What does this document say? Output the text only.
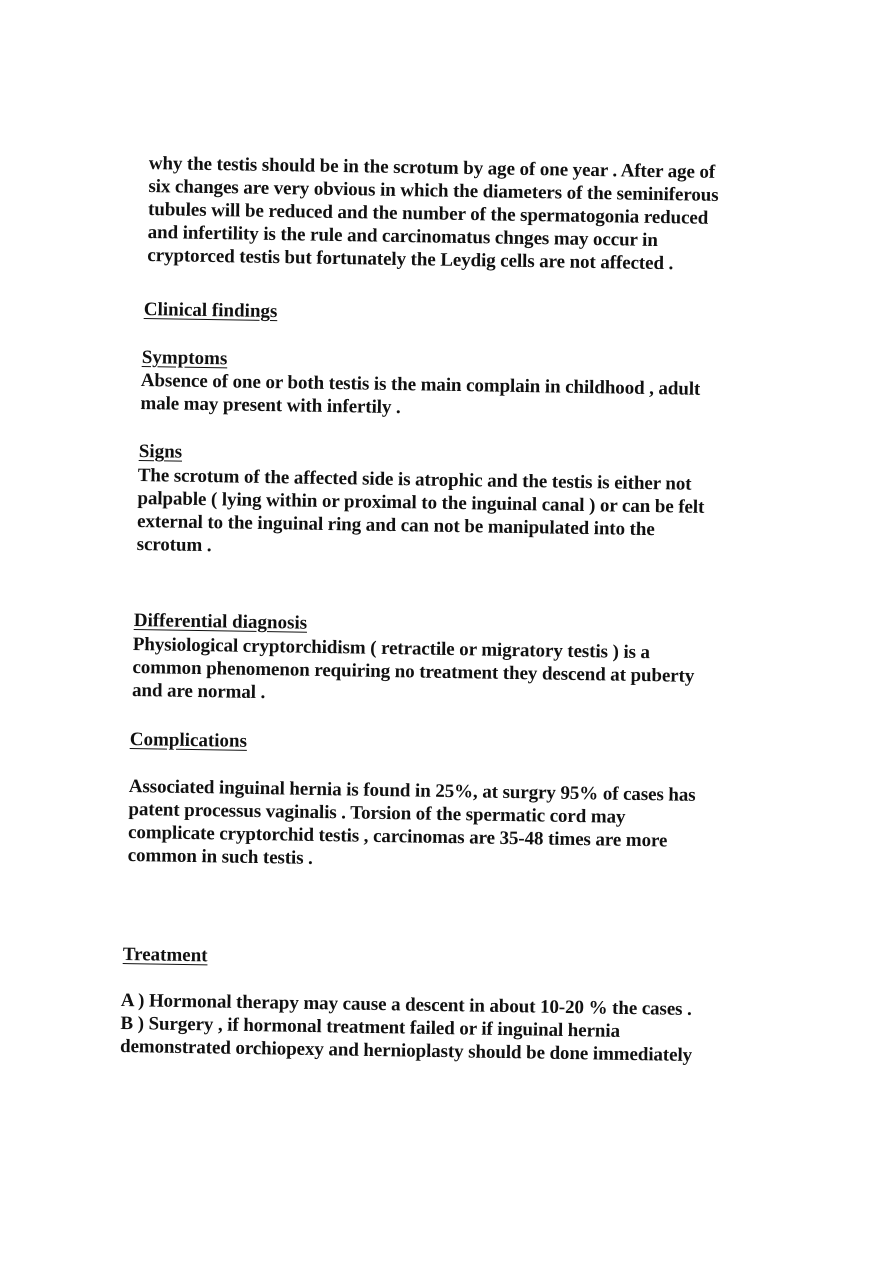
why the testis should be in the scrotum by age of one year . After age of
six changes are very obvious in which the diameters of the seminiferous
tubules will be reduced and the number of the spermatogonia reduced
and infertility is the rule and carcinomatus chnges may occur in
cryptorced testis but fortunately the Leydig cells are not affected .
Clinical findings
Symptoms
Absence of one or both testis is the main complain in childhood , adult
male may present with infertily .
Signs
The scrotum of the affected side is atrophic and the testis is either not
palpable ( lying within or proximal to the inguinal canal ) or can be felt
external to the inguinal ring and can not be manipulated into the
scrotum .
Differential diagnosis
Physiological cryptorchidism ( retractile or migratory testis ) is a
common phenomenon requiring no treatment they descend at puberty
and are normal .
Complications
Associated inguinal hernia is found in 25%, at surgry 95% of cases has
patent processus vaginalis . Torsion of the spermatic cord may
complicate cryptorchid testis , carcinomas are 35-48 times are more
common in such testis .
Treatment
A ) Hormonal therapy may cause a descent in about 10-20 % the cases .
B ) Surgery , if hormonal treatment failed or if inguinal hernia
demonstrated orchiopexy and hernioplasty should be done immediately
